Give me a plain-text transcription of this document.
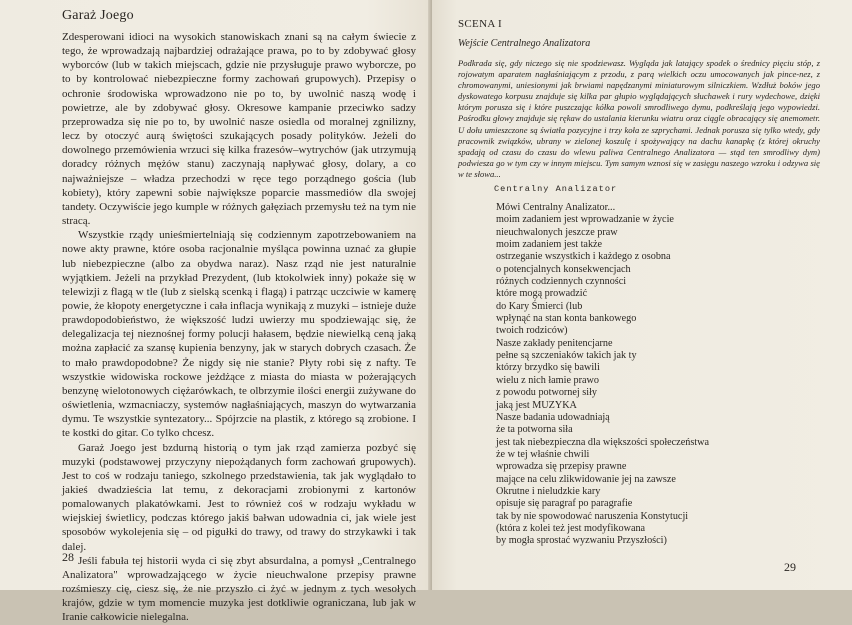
Garaż Joego

Zdesperowani idioci na wysokich stanowiskach znani są na całym świecie z tego, że wprowadzają najbardziej odrażające prawa, po to by zdobywać głosy wyborców (lub w takich miejscach, gdzie nie przysługuje prawo wyborcze, po to by kontrolować niebezpieczne formy zachowań grupowych). Przepisy o ochronie środowiska wprowadzono nie po to, by uwolnić naszą wodę i powietrze, ale by zdobywać głosy. Okresowe kampanie przeciwko sadzy przeprowadza się nie po to, by uwolnić nasze osiedla od moralnej zgnilizny, lecz by otoczyć aurą świętości szukających posady polityków. Jeżeli do dowolnego przemówienia wrzuci się kilka frazesów–wytrychów (jak utrzymują doradcy różnych mężów stanu) zaczynają napływać głosy, dolary, a co najważniejsze – władza przechodzi w ręce tego porządnego gościa (lub kobiety), który zapewni sobie największe poparcie massmediów dla swojej tandety. Oczywiście jego kumple w różnych gałęziach przemysłu też na tym nie stracą.

Wszystkie rządy unieśmiertelniają się codziennym zapotrzebowaniem na nowe akty prawne, które osoba racjonalnie myśląca powinna uznać za głupie lub niebezpieczne (albo za obydwa naraz). Nasz rząd nie jest naturalnie wyjątkiem. Jeżeli na przykład Prezydent, (lub ktokolwiek inny) pokaże się w telewizji z flagą w tle (lub z sielską scenką i flagą) i patrząc uczciwie w kamerę powie, że kłopoty energetyczne i cała inflacja wynikają z muzyki – istnieje duże prawdopodobieństwo, że większość ludzi uwierzy mu spodziewając się, że delegalizacja tej nieznośnej formy polucji hałasem, będzie niewielką ceną jaką można zapłacić za szansę kupienia benzyny, jak w starych dobrych czasach. Że to mało prawdopodobne? Że nigdy się nie stanie? Płyty robi się z nafty. Te wszystkie widowiska rockowe jeżdżące z miasta do miasta w pożerających benzynę wielotonowych ciężarówkach, te olbrzymie ilości energii zużywane do oświetlenia, wzmacniaczy, systemów nagłaśniających, maszyn do wytwarzania dymu. Te wszystkie syntezatory... Spójrzcie na plastik, z którego są zrobione. I te kostki do gitar. Co tylko chcesz.

Garaż Joego jest bzdurną historią o tym jak rząd zamierza pozbyć się muzyki (podstawowej przyczyny niepożądanych form zachowań grupowych). Jest to coś w rodzaju taniego, szkolnego przedstawienia, tak jak wyglądało to jakieś dwadzieścia lat temu, z dekoracjami zrobionymi z kartonów pomalowanych plakatówkami. Jest to również coś w rodzaju wykładu w wiejskiej świetlicy, podczas którego jakiś bałwan udowadnia ci, jak wiele jest sposobów wykolejenia się – od pigułki do trawy, od trawy do strzykawki i tak dalej.

Jeśli fabuła tej historii wyda ci się zbyt absurdalna, a pomysł „Centralnego Analizatora" wprowadzającego w życie nieuchwalone przepisy prawne rozśmieszy cię, ciesz się, że nie przyszło ci żyć w jednym z tych wesołych krajów, gdzie w tym momencie muzyka jest dotkliwie ograniczana, lub jak w Iranie całkowicie nielegalna.

28
SCENA I
Wejście Centralnego Analizatora

Podkrada się, gdy niczego się nie spodziewasz. Wygląda jak latający spodek o średnicy pięciu stóp, z rojowatym aparatem nagłaśniającym z przodu, z parą wielkich oczu umocowanych jak pince-nez, z chromowanymi, uniesionymi jak brwiami napędzanymi miniaturowym silniczkiem. Wzdłuż boków jego dyskowatego korpusu znajduje się kilka par głupio wyglądających słuchawek i rury wydechowe, dzięki którym porusza się i które puszczając kółka powoli smrodliwego dymu, podkreślają jego wypowiedzi. Pośrodku głowy znajduje się rękaw do ustalania kierunku wiatru oraz ciągle obracający się anemometr. U dołu umieszczone są światła pozycyjne i trzy koła ze szprychami. Jednak porusza się tylko wtedy, gdy pracownik związków, ubrany w zielonej koszulę i spożywający na dachu kanapkę (z której okruchy spadają od czasu do czasu do wlewu paliwa Centralnego Analizatora — stąd ten smrodliwy dym) podwiesza go w tym czy w innym miejscu. Tym samym wznosi się w zasięgu naszego wzroku i odzywa się w te słowa...

Centralny Analizator
Mówi Centralny Analizator...
moim zadaniem jest wprowadzanie w życie
nieuchwalonych jeszcze praw
moim zadaniem jest także
ostrzeganie wszystkich i każdego z osobna
o potencjalnych konsekwencjach
różnych codziennych czynności
które mogą prowadzić
do Kary Śmierci (lub
wpłynąć na stan konta bankowego
twoich rodziców)
Nasze zakłady penitencjarne
pełne są szczeniaków takich jak ty
którzy brzydko się bawili
wielu z nich łamie prawo
z powodu potwornej siły
jaką jest MUZYKA
Nasze badania udowadniają
że ta potworna siła
jest tak niebezpieczna dla większości społeczeństwa
że w tej właśnie chwili
wprowadza się przepisy prawne
mające na celu zlikwidowanie jej na zawsze
Okrutne i nieludzkie kary
opisuje się paragraf po paragrafie
tak by nie spowodować naruszenia Konstytucji
(która z kolei też jest modyfikowana
by mogła sprostać wyzwaniu Przyszłości)
29
